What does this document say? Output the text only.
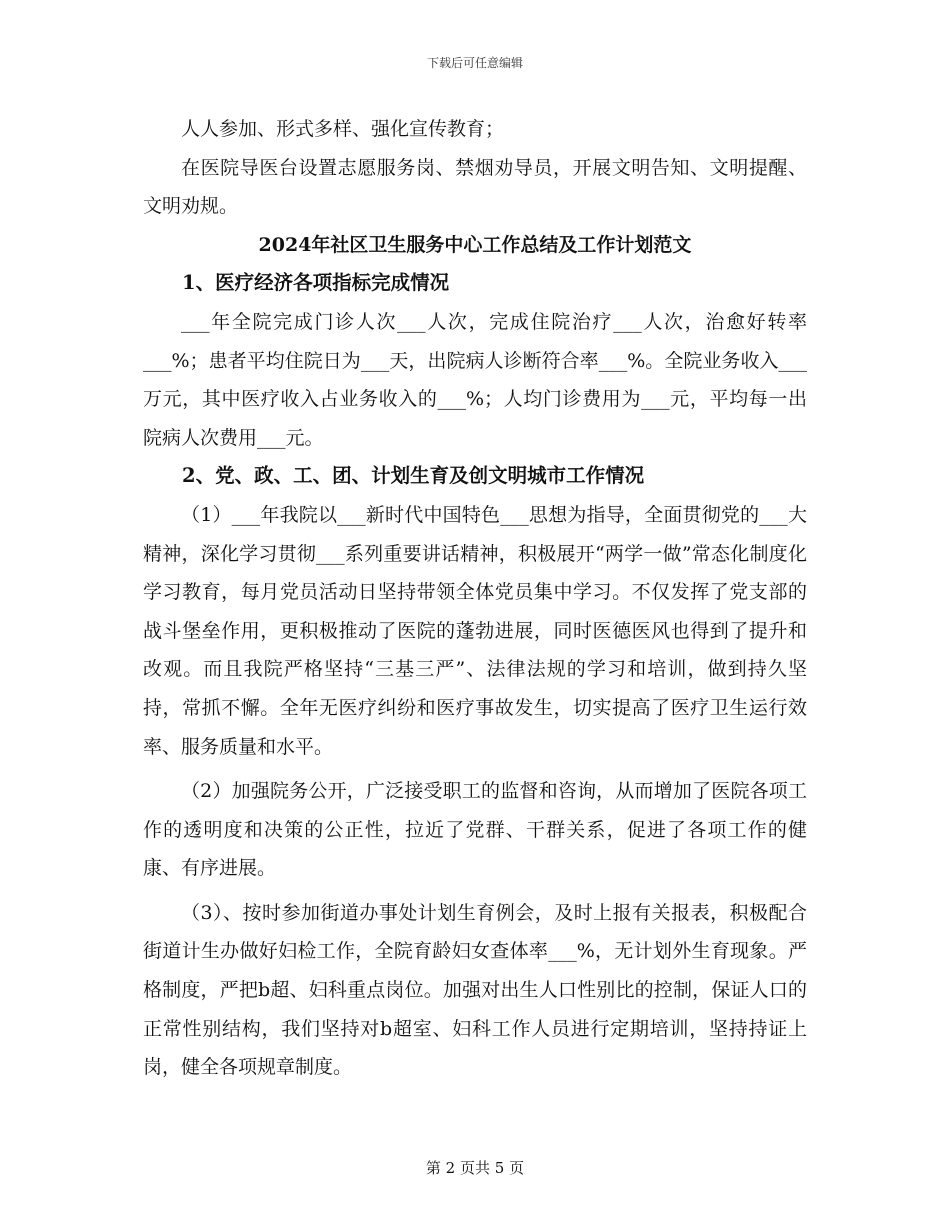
下载后可任意编辑

人人参加、形式多样、强化宣传教育；

在医院导医台设置志愿服务岗、禁烟劝导员，开展文明告知、文明提醒、文明劝规。

2024年社区卫生服务中心工作总结及工作计划范文

1、医疗经济各项指标完成情况

___年全院完成门诊人次___人次，完成住院治疗___人次，治愈好转率___%；患者平均住院日为___天，出院病人诊断符合率___%。全院业务收入___万元，其中医疗收入占业务收入的___%；人均门诊费用为___元，平均每一出院病人次费用___元。

2、党、政、工、团、计划生育及创文明城市工作情况

（1）___年我院以___新时代中国特色___思想为指导，全面贯彻党的___大精神，深化学习贯彻___系列重要讲话精神，积极展开“两学一做”常态化制度化学习教育，每月党员活动日坚持带领全体党员集中学习。不仅发挥了党支部的战斗堡垒作用，更积极推动了医院的蓬勃进展，同时医德医风也得到了提升和改观。而且我院严格坚持“三基三严”、法律法规的学习和培训，做到持久坚持，常抓不懈。全年无医疗纠纷和医疗事故发生，切实提高了医疗卫生运行效率、服务质量和水平。

（2）加强院务公开，广泛接受职工的监督和咨询，从而增加了医院各项工作的透明度和决策的公正性，拉近了党群、干群关系，促进了各项工作的健康、有序进展。

（3）、按时参加街道办事处计划生育例会，及时上报有关报表，积极配合街道计生办做好妇检工作，全院育龄妇女查体率___%，无计划外生育现象。严格制度，严把b超、妇科重点岗位。加强对出生人口性别比的控制，保证人口的正常性别结构，我们坚持对b超室、妇科工作人员进行定期培训，坚持持证上岗，健全各项规章制度。

第 2 页共 5 页
